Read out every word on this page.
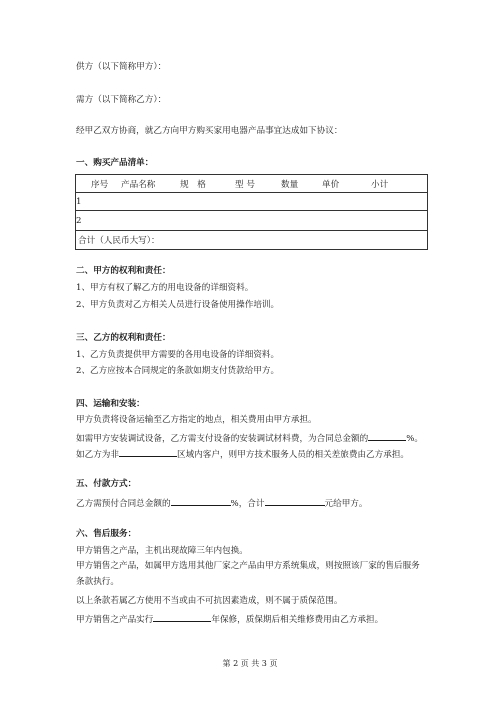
供方（以下简称甲方）：
需方（以下简称乙方）：
经甲乙双方协商，就乙方向甲方购买家用电器产品事宜达成如下协议：
一、购买产品清单：
序号 产品名称	规　格	型 号	数量	单价	小计

1
2
合计（人民币大写）：
二、甲方的权利和责任：
1、甲方有权了解乙方的用电设备的详细资料。
2、甲方负责对乙方相关人员进行设备使用操作培训。
三、乙方的权利和责任：
1、乙方负责提供甲方需要的各用电设备的详细资料。
2、乙方应按本合同规定的条款如期支付货款给甲方。
四、运输和安装：
甲方负责将设备运输至乙方指定的地点，相关费用由甲方承担。
如需甲方安装调试设备，乙方需支付设备的安装调试材料费，为合同总金额的	%。
如乙方为非	区域内客户，则甲方技术服务人员的相关差旅费由乙方承担。
五、付款方式：
乙方需预付合同总金额的	%，合计	元给甲方。
六、售后服务：
甲方销售之产品，主机出现故障三年内包换。
甲方销售之产品，如属甲方选用其他厂家之产品由甲方系统集成，则按照该厂家的售后服务条款执行。
以上条款若属乙方使用不当或由不可抗因素造成，则不属于质保范围。
甲方销售之产品实行	年保修，质保期后相关维修费用由乙方承担。
第 2 页 共 3 页
